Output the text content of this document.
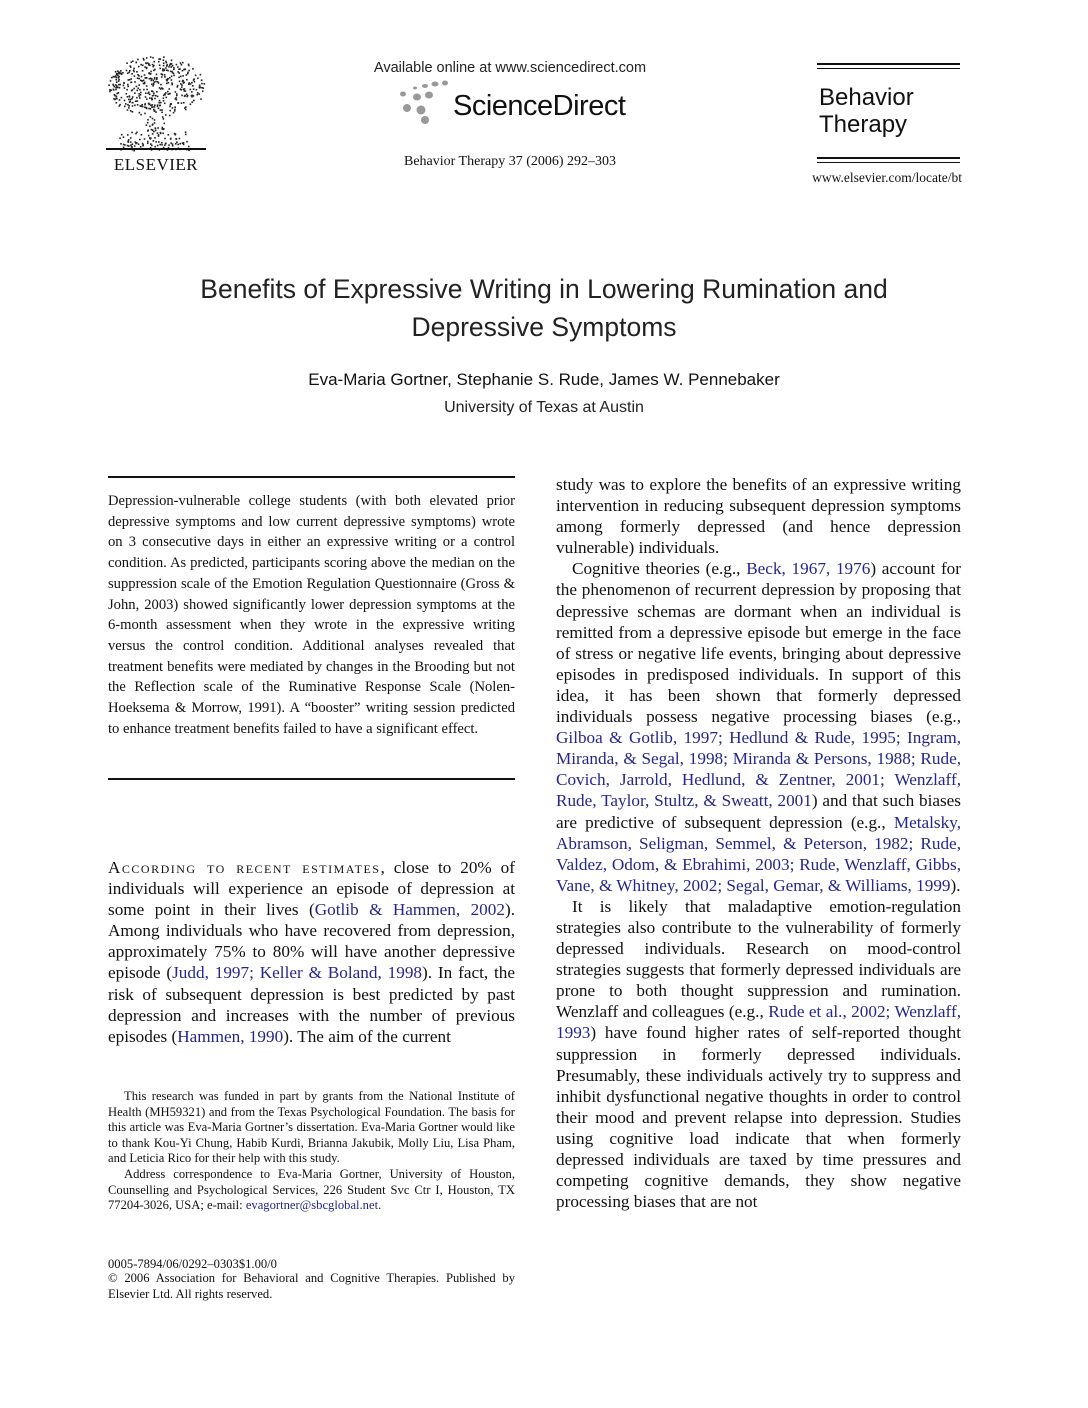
ELSEVIER
Available online at www.sciencedirect.com
ScienceDirect
Behavior Therapy 37 (2006) 292–303
Behavior
Therapy
www.elsevier.com/locate/bt
Benefits of Expressive Writing in Lowering Rumination and
Depressive Symptoms
Eva-Maria Gortner, Stephanie S. Rude, James W. Pennebaker
University of Texas at Austin
Depression-vulnerable college students (with both elevated prior depressive symptoms and low current depressive symptoms) wrote on 3 consecutive days in either an expressive writing or a control condition. As predicted, participants scoring above the median on the suppression scale of the Emotion Regulation Questionnaire (Gross & John, 2003) showed significantly lower depression symptoms at the 6-month assessment when they wrote in the expressive writing versus the control condition. Additional analyses revealed that treatment benefits were mediated by changes in the Brooding but not the Reflection scale of the Ruminative Response Scale (Nolen-Hoeksema & Morrow, 1991). A “booster” writing session predicted to enhance treatment benefits failed to have a significant effect.

According to recent estimates, close to 20% of individuals will experience an episode of depression at some point in their lives (Gotlib & Hammen, 2002). Among individuals who have recovered from depression, approximately 75% to 80% will have another depressive episode (Judd, 1997; Keller & Boland, 1998). In fact, the risk of subsequent depression is best predicted by past depression and increases with the number of previous episodes (Hammen, 1990). The aim of the current

study was to explore the benefits of an expressive writing intervention in reducing subsequent depression symptoms among formerly depressed (and hence depression vulnerable) individuals.

Cognitive theories (e.g., Beck, 1967, 1976) account for the phenomenon of recurrent depression by proposing that depressive schemas are dormant when an individual is remitted from a depressive episode but emerge in the face of stress or negative life events, bringing about depressive episodes in predisposed individuals. In support of this idea, it has been shown that formerly depressed individuals possess negative processing biases (e.g., Gilboa & Gotlib, 1997; Hedlund & Rude, 1995; Ingram, Miranda, & Segal, 1998; Miranda & Persons, 1988; Rude, Covich, Jarrold, Hedlund, & Zentner, 2001; Wenzlaff, Rude, Taylor, Stultz, & Sweatt, 2001) and that such biases are predictive of subsequent depression (e.g., Metalsky, Abramson, Seligman, Semmel, & Peterson, 1982; Rude, Valdez, Odom, & Ebrahimi, 2003; Rude, Wenzlaff, Gibbs, Vane, & Whitney, 2002; Segal, Gemar, & Williams, 1999).

It is likely that maladaptive emotion-regulation strategies also contribute to the vulnerability of formerly depressed individuals. Research on mood-control strategies suggests that formerly depressed individuals are prone to both thought suppression and rumination. Wenzlaff and colleagues (e.g., Rude et al., 2002; Wenzlaff, 1993) have found higher rates of self-reported thought suppression in formerly depressed individuals. Presumably, these individuals actively try to suppress and inhibit dysfunctional negative thoughts in order to control their mood and prevent relapse into depression. Studies using cognitive load indicate that when formerly depressed individuals are taxed by time pressures and competing cognitive demands, they show negative processing biases that are not

This research was funded in part by grants from the National Institute of Health (MH59321) and from the Texas Psychological Foundation. The basis for this article was Eva-Maria Gortner’s dissertation. Eva-Maria Gortner would like to thank Kou-Yi Chung, Habib Kurdi, Brianna Jakubik, Molly Liu, Lisa Pham, and Leticia Rico for their help with this study.

Address correspondence to Eva-Maria Gortner, University of Houston, Counselling and Psychological Services, 226 Student Svc Ctr I, Houston, TX 77204-3026, USA; e-mail: evagortner@sbcglobal.net.

0005-7894/06/0292–0303$1.00/0
© 2006 Association for Behavioral and Cognitive Therapies. Published by Elsevier Ltd. All rights reserved.
